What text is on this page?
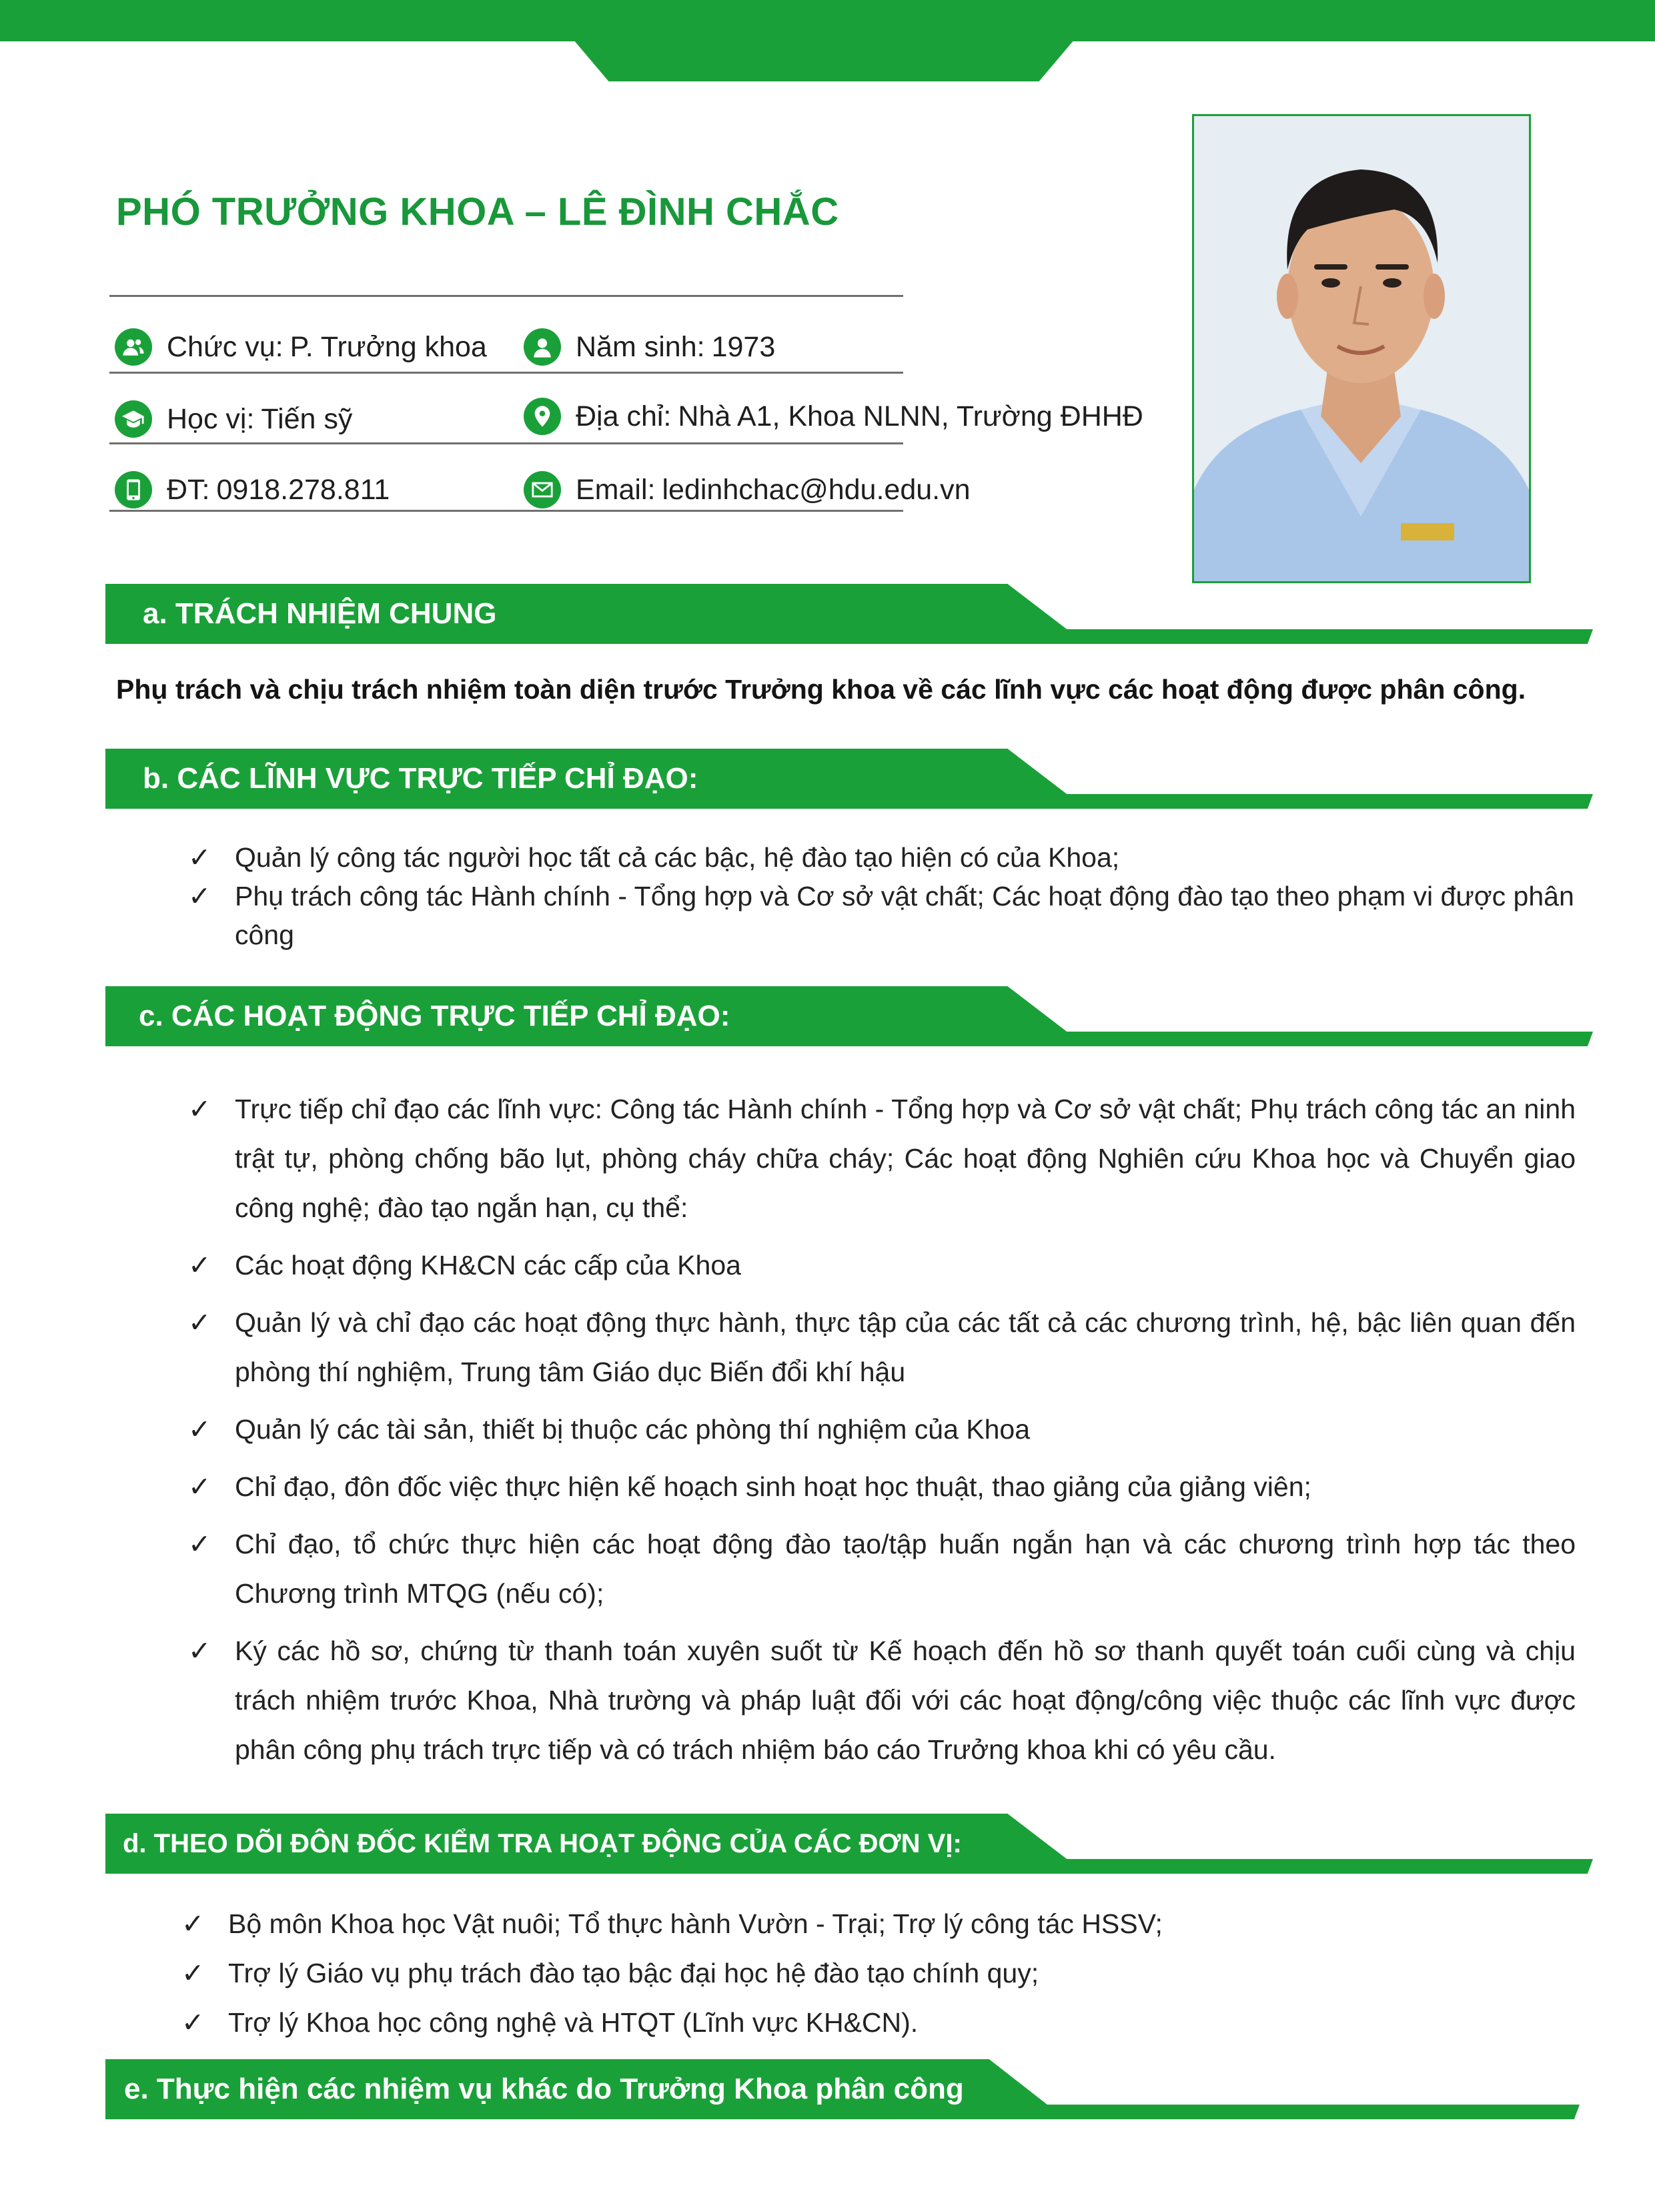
PHÓ TRƯỞNG KHOA – LÊ ĐÌNH CHẮC
Chức vụ: P. Trưởng khoa	Năm sinh: 1973
Học vị: Tiến sỹ	Địa chỉ: Nhà A1, Khoa NLNN, Trường ĐHHĐ
ĐT: 0918.278.811	Email: ledinhchac@hdu.edu.vn
a. TRÁCH NHIỆM CHUNG
Phụ trách và chịu trách nhiệm toàn diện trước Trưởng khoa về các lĩnh vực các hoạt động được phân công.
b. CÁC LĨNH VỰC TRỰC TIẾP CHỈ ĐẠO:
✓ Quản lý công tác người học tất cả các bậc, hệ đào tạo hiện có của Khoa;
✓ Phụ trách công tác Hành chính - Tổng hợp và Cơ sở vật chất; Các hoạt động đào tạo theo phạm vi được phân công
c. CÁC HOẠT ĐỘNG TRỰC TIẾP CHỈ ĐẠO:
✓ Trực tiếp chỉ đạo các lĩnh vực: Công tác Hành chính - Tổng hợp và Cơ sở vật chất; Phụ trách công tác an ninh trật tự, phòng chống bão lụt, phòng cháy chữa cháy; Các hoạt động Nghiên cứu Khoa học và Chuyển giao công nghệ; đào tạo ngắn hạn, cụ thể:
✓ Các hoạt động KH&CN các cấp của Khoa
✓ Quản lý và chỉ đạo các hoạt động thực hành, thực tập của các tất cả các chương trình, hệ, bậc liên quan đến phòng thí nghiệm, Trung tâm Giáo dục Biến đổi khí hậu
✓ Quản lý các tài sản, thiết bị thuộc các phòng thí nghiệm của Khoa
✓ Chỉ đạo, đôn đốc việc thực hiện kế hoạch sinh hoạt học thuật, thao giảng của giảng viên;
✓ Chỉ đạo, tổ chức thực hiện các hoạt động đào tạo/tập huấn ngắn hạn và các chương trình hợp tác theo Chương trình MTQG (nếu có);
✓ Ký các hồ sơ, chứng từ thanh toán xuyên suốt từ Kế hoạch đến hồ sơ thanh quyết toán cuối cùng và chịu trách nhiệm trước Khoa, Nhà trường và pháp luật đối với các hoạt động/công việc thuộc các lĩnh vực được phân công phụ trách trực tiếp và có trách nhiệm báo cáo Trưởng khoa khi có yêu cầu.
d. THEO DÕI ĐÔN ĐỐC KIỂM TRA HOẠT ĐỘNG CỦA CÁC ĐƠN VỊ:
✓ Bộ môn Khoa học Vật nuôi; Tổ thực hành Vườn - Trại; Trợ lý công tác HSSV;
✓ Trợ lý Giáo vụ phụ trách đào tạo bậc đại học hệ đào tạo chính quy;
✓ Trợ lý Khoa học công nghệ và HTQT (Lĩnh vực KH&CN).
e. Thực hiện các nhiệm vụ khác do Trưởng Khoa phân công
